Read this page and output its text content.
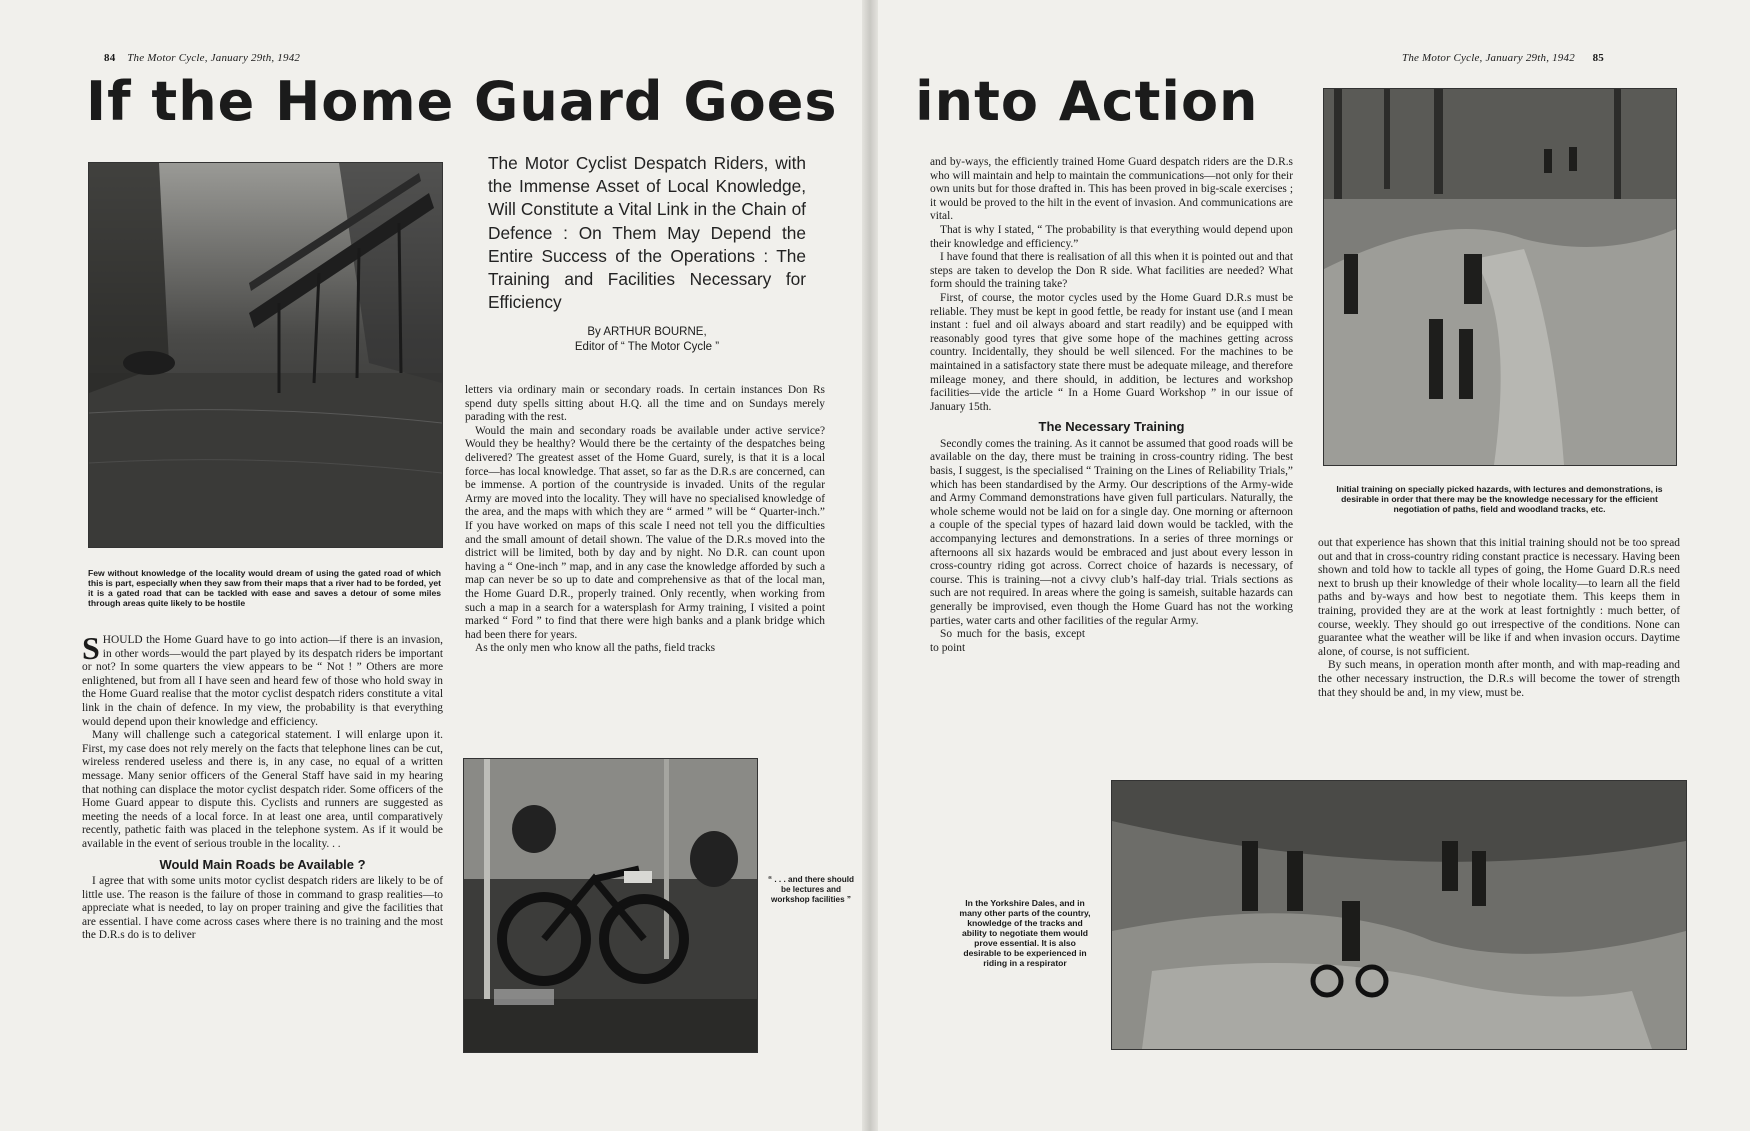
84 The Motor Cycle, January 29th, 1942	The Motor Cycle, January 29th, 1942 85
If the Home Guard Goes into Action
Few without knowledge of the locality would dream of using the gated road of which this is part, especially when they saw from their maps that a river had to be forded, yet it is a gated road that can be tackled with ease and saves a detour of some miles through areas quite likely to be hostile
The Motor Cyclist Despatch Riders, with the Immense Asset of Local Knowledge, Will Constitute a Vital Link in the Chain of Defence : On Them May Depend the Entire Success of the Operations : The Training and Facilities Necessary for Efficiency
By ARTHUR BOURNE,
Editor of “ The Motor Cycle ”

SHOULD the Home Guard have to go into action—if there is an invasion, in other words—would the part played by its despatch riders be important or not? In some quarters the view appears to be “ Not ! ” Others are more enlightened, but from all I have seen and heard few of those who hold sway in the Home Guard realise that the motor cyclist despatch riders constitute a vital link in the chain of defence. In my view, the probability is that everything would depend upon their knowledge and efficiency.

Many will challenge such a categorical statement. I will enlarge upon it. First, my case does not rely merely on the facts that telephone lines can be cut, wireless rendered useless and there is, in any case, no equal of a written message. Many senior officers of the General Staff have said in my hearing that nothing can displace the motor cyclist despatch rider. Some officers of the Home Guard appear to dispute this. Cyclists and runners are suggested as meeting the needs of a local force. In at least one area, until comparatively recently, pathetic faith was placed in the telephone system. As if it would be available in the event of serious trouble in the locality. . .

Would Main Roads be Available ?

I agree that with some units motor cyclist despatch riders are likely to be of little use. The reason is the failure of those in command to grasp realities—to appreciate what is needed, to lay on proper training and give the facilities that are essential. I have come across cases where there is no training and the most the D.R.s do is to deliver

letters via ordinary main or secondary roads. In certain instances Don Rs spend duty spells sitting about H.Q. all the time and on Sundays merely parading with the rest.

Would the main and secondary roads be available under active service? Would they be healthy? Would there be the certainty of the despatches being delivered? The greatest asset of the Home Guard, surely, is that it is a local force—has local knowledge. That asset, so far as the D.R.s are concerned, can be immense. A portion of the countryside is invaded. Units of the regular Army are moved into the locality. They will have no specialised knowledge of the area, and the maps with which they are “ armed ” will be “ Quarter-inch.” If you have worked on maps of this scale I need not tell you the difficulties and the small amount of detail shown. The value of the D.R.s moved into the district will be limited, both by day and by night. No D.R. can count upon having a “ One-inch ” map, and in any case the knowledge afforded by such a map can never be so up to date and comprehensive as that of the local man, the Home Guard D.R., properly trained. Only recently, when working from such a map in a search for a watersplash for Army training, I visited a point marked “ Ford ” to find that there were high banks and a plank bridge which had been there for years.

As the only men who know all the paths, field tracks

“ . . . and there should be lectures and workshop facilities ”

and by-ways, the efficiently trained Home Guard despatch riders are the D.R.s who will maintain and help to maintain the communications—not only for their own units but for those drafted in. This has been proved in big-scale exercises ; it would be proved to the hilt in the event of invasion. And communications are vital.

That is why I stated, “ The probability is that everything would depend upon their knowledge and efficiency.”

I have found that there is realisation of all this when it is pointed out and that steps are taken to develop the Don R side. What facilities are needed? What form should the training take?

First, of course, the motor cycles used by the Home Guard D.R.s must be reliable. They must be kept in good fettle, be ready for instant use (and I mean instant : fuel and oil always aboard and start readily) and be equipped with reasonably good tyres that give some hope of the machines getting across country. Incidentally, they should be well silenced. For the machines to be maintained in a satisfactory state there must be adequate mileage, and therefore mileage money, and there should, in addition, be lectures and workshop facilities—vide the article “ In a Home Guard Workshop ” in our issue of January 15th.

The Necessary Training

Secondly comes the training. As it cannot be assumed that good roads will be available on the day, there must be training in cross-country riding. The best basis, I suggest, is the specialised “ Training on the Lines of Reliability Trials,” which has been standardised by the Army. Our descriptions of the Army-wide and Army Command demonstrations have given full particulars. Naturally, the whole scheme would not be laid on for a single day. One morning or afternoon a couple of the special types of hazard laid down would be tackled, with the accompanying lectures and demonstrations. In a series of three mornings or afternoons all six hazards would be embraced and just about every lesson in cross-country riding got across. Correct choice of hazards is necessary, of course. This is training—not a civvy club’s half-day trial. Trials sections as such are not required. In areas where the going is sameish, suitable hazards can generally be improvised, even though the Home Guard has not the working parties, water carts and other facilities of the regular Army.

So much for the basis, except to point

Initial training on specially picked hazards, with lectures and demonstrations, is desirable in order that there may be the knowledge necessary for the efficient negotiation of paths, field and woodland tracks, etc.

out that experience has shown that this initial training should not be too spread out and that in cross-country riding constant practice is necessary. Having been shown and told how to tackle all types of going, the Home Guard D.R.s need next to brush up their knowledge of their whole locality—to learn all the field paths and by-ways and how best to negotiate them. This keeps them in training, provided they are at the work at least fortnightly : much better, of course, weekly. They should go out irrespective of the conditions. None can guarantee what the weather will be like if and when invasion occurs. Daytime alone, of course, is not sufficient.

By such means, in operation month after month, and with map-reading and the other necessary instruction, the D.R.s will become the tower of strength that they should be and, in my view, must be.

In the Yorkshire Dales, and in many other parts of the country, knowledge of the tracks and ability to negotiate them would prove essential. It is also desirable to be experienced in riding in a respirator
